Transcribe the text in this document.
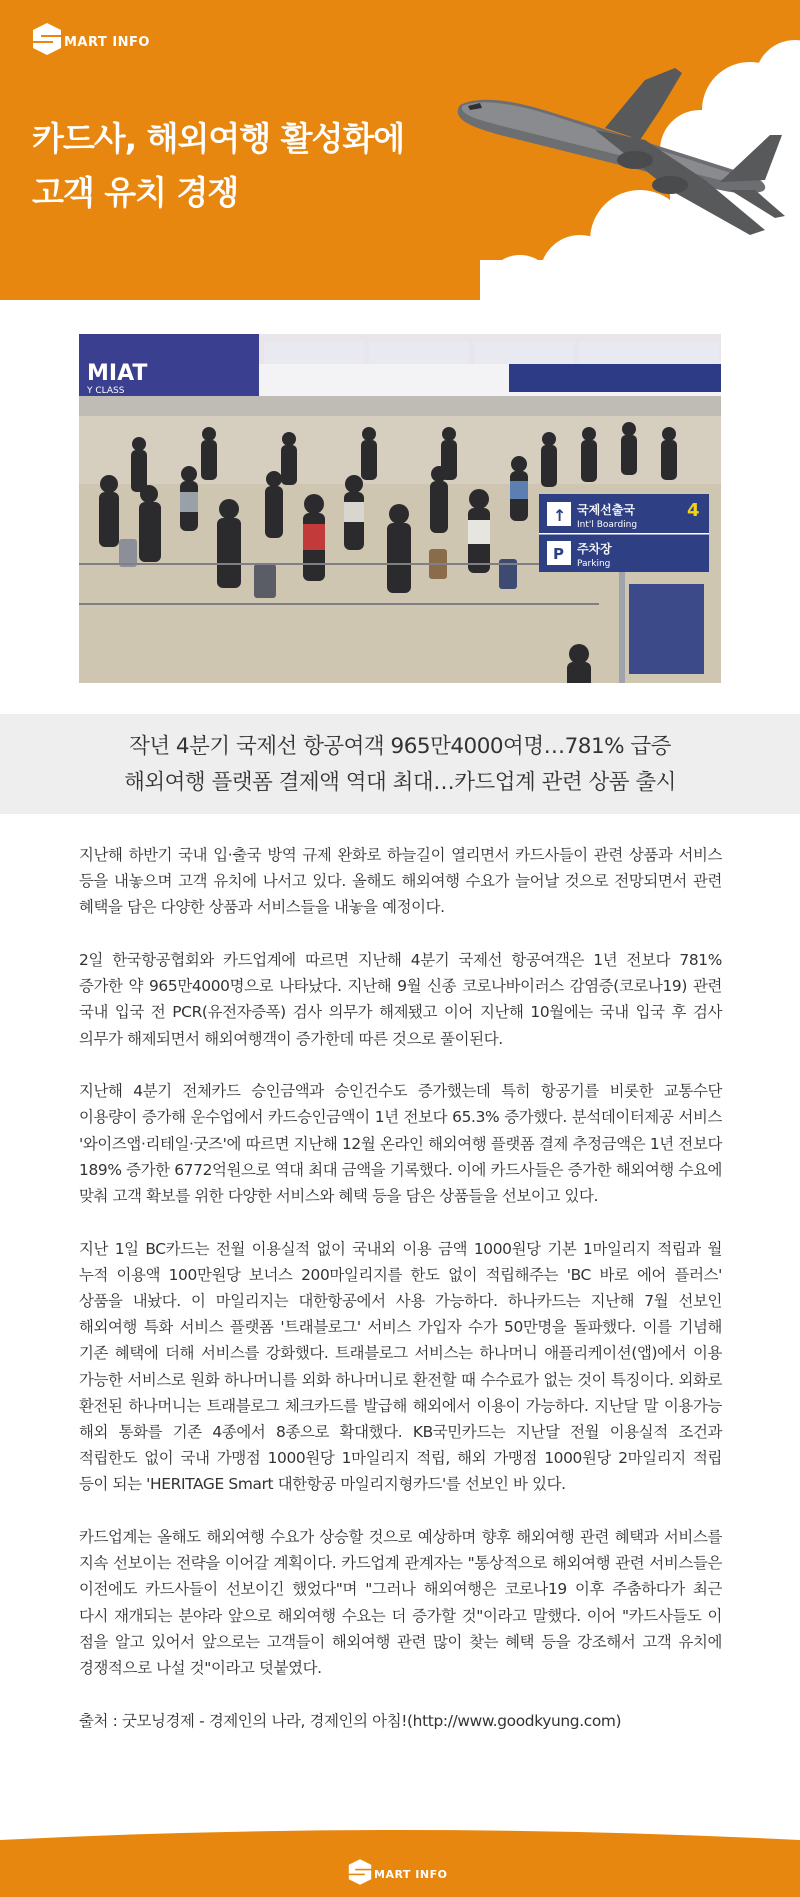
MART INFO
카드사, 해외여행 활성화에
고객 유치 경쟁
MIAT
Y CLASS
↑ 국제선출국
Int'l Boarding
P 주차장
Parking
4
작년 4분기 국제선 항공여객 965만4000여명…781% 급증
해외여행 플랫폼 결제액 역대 최대…카드업계 관련 상품 출시

지난해 하반기 국내 입·출국 방역 규제 완화로 하늘길이 열리면서 카드사들이 관련 상품과 서비스 등을 내놓으며 고객 유치에 나서고 있다. 올해도 해외여행 수요가 늘어날 것으로 전망되면서 관련 혜택을 담은 다양한 상품과 서비스들을 내놓을 예정이다.

2일 한국항공협회와 카드업계에 따르면 지난해 4분기 국제선 항공여객은 1년 전보다 781% 증가한 약 965만4000명으로 나타났다. 지난해 9월 신종 코로나바이러스 감염증(코로나19) 관련 국내 입국 전 PCR(유전자증폭) 검사 의무가 해제됐고 이어 지난해 10월에는 국내 입국 후 검사 의무가 해제되면서 해외여행객이 증가한데 따른 것으로 풀이된다.

지난해 4분기 전체카드 승인금액과 승인건수도 증가했는데 특히 항공기를 비롯한 교통수단 이용량이 증가해 운수업에서 카드승인금액이 1년 전보다 65.3% 증가했다. 분석데이터제공 서비스 '와이즈앱·리테일·굿즈'에 따르면 지난해 12월 온라인 해외여행 플랫폼 결제 추정금액은 1년 전보다 189% 증가한 6772억원으로 역대 최대 금액을 기록했다. 이에 카드사들은 증가한 해외여행 수요에 맞춰 고객 확보를 위한 다양한 서비스와 혜택 등을 담은 상품들을 선보이고 있다.

지난 1일 BC카드는 전월 이용실적 없이 국내외 이용 금액 1000원당 기본 1마일리지 적립과 월 누적 이용액 100만원당 보너스 200마일리지를 한도 없이 적립해주는 'BC 바로 에어 플러스' 상품을 내놨다. 이 마일리지는 대한항공에서 사용 가능하다. 하나카드는 지난해 7월 선보인 해외여행 특화 서비스 플랫폼 '트래블로그' 서비스 가입자 수가 50만명을 돌파했다. 이를 기념해 기존 혜택에 더해 서비스를 강화했다. 트래블로그 서비스는 하나머니 애플리케이션(앱)에서 이용 가능한 서비스로 원화 하나머니를 외화 하나머니로 환전할 때 수수료가 없는 것이 특징이다. 외화로 환전된 하나머니는 트래블로그 체크카드를 발급해 해외에서 이용이 가능하다. 지난달 말 이용가능 해외 통화를 기존 4종에서 8종으로 확대했다. KB국민카드는 지난달 전월 이용실적 조건과 적립한도 없이 국내 가맹점 1000원당 1마일리지 적립, 해외 가맹점 1000원당 2마일리지 적립 등이 되는 'HERITAGE Smart 대한항공 마일리지형카드'를 선보인 바 있다.

카드업계는 올해도 해외여행 수요가 상승할 것으로 예상하며 향후 해외여행 관련 혜택과 서비스를 지속 선보이는 전략을 이어갈 계획이다. 카드업계 관계자는 "통상적으로 해외여행 관련 서비스들은 이전에도 카드사들이 선보이긴 했었다"며 "그러나 해외여행은 코로나19 이후 주춤하다가 최근 다시 재개되는 분야라 앞으로 해외여행 수요는 더 증가할 것"이라고 말했다. 이어 "카드사들도 이 점을 알고 있어서 앞으로는 고객들이 해외여행 관련 많이 찾는 혜택 등을 강조해서 고객 유치에 경쟁적으로 나설 것"이라고 덧붙였다.

출처 : 굿모닝경제 - 경제인의 나라, 경제인의 아침!(http://www.goodkyung.com)

MART INFO
